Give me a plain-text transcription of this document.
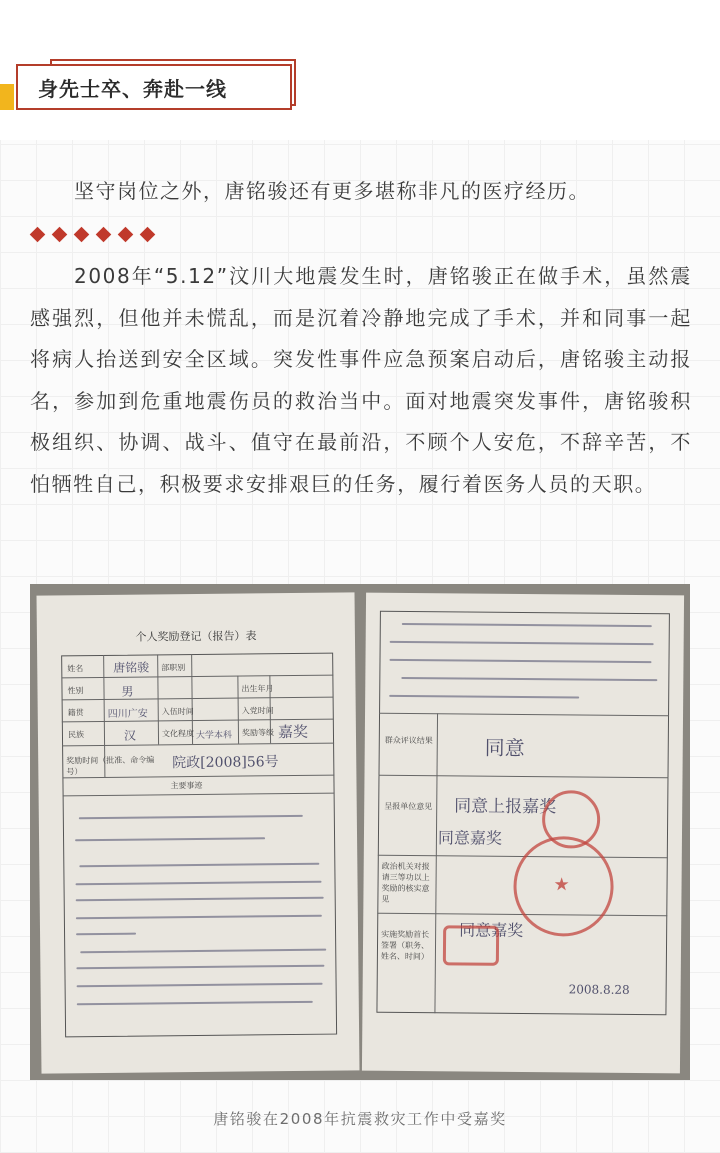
身先士卒、奔赴一线

坚守岗位之外，唐铭骏还有更多堪称非凡的医疗经历。

2008年“5.12”汶川大地震发生时，唐铭骏正在做手术，虽然震感强烈，但他并未慌乱，而是沉着冷静地完成了手术，并和同事一起将病人抬送到安全区域。突发性事件应急预案启动后，唐铭骏主动报名，参加到危重地震伤员的救治当中。面对地震突发事件，唐铭骏积极组织、协调、战斗、值守在最前沿，不顾个人安危，不辞辛苦，不怕牺牲自己，积极要求安排艰巨的任务，履行着医务人员的天职。

个人奖励登记（报告）表
姓名
性别
籍贯
民族
部职别
入伍时间
文化程度
出生年月
入党时间
奖励等级
奖励时间（批准、命令编号）
主要事迹
唐铭骏
男
四川广安
汉	大学本科	嘉奖
院政[2008]56号
群众评议结果
呈报单位意见
政治机关对报请三等功以上奖励的核实意见
实施奖励首长签署（职务、姓名、时间）
同意
同意上报嘉奖
同意嘉奖
同意嘉奖
2008.8.28
★
唐铭骏在2008年抗震救灾工作中受嘉奖
